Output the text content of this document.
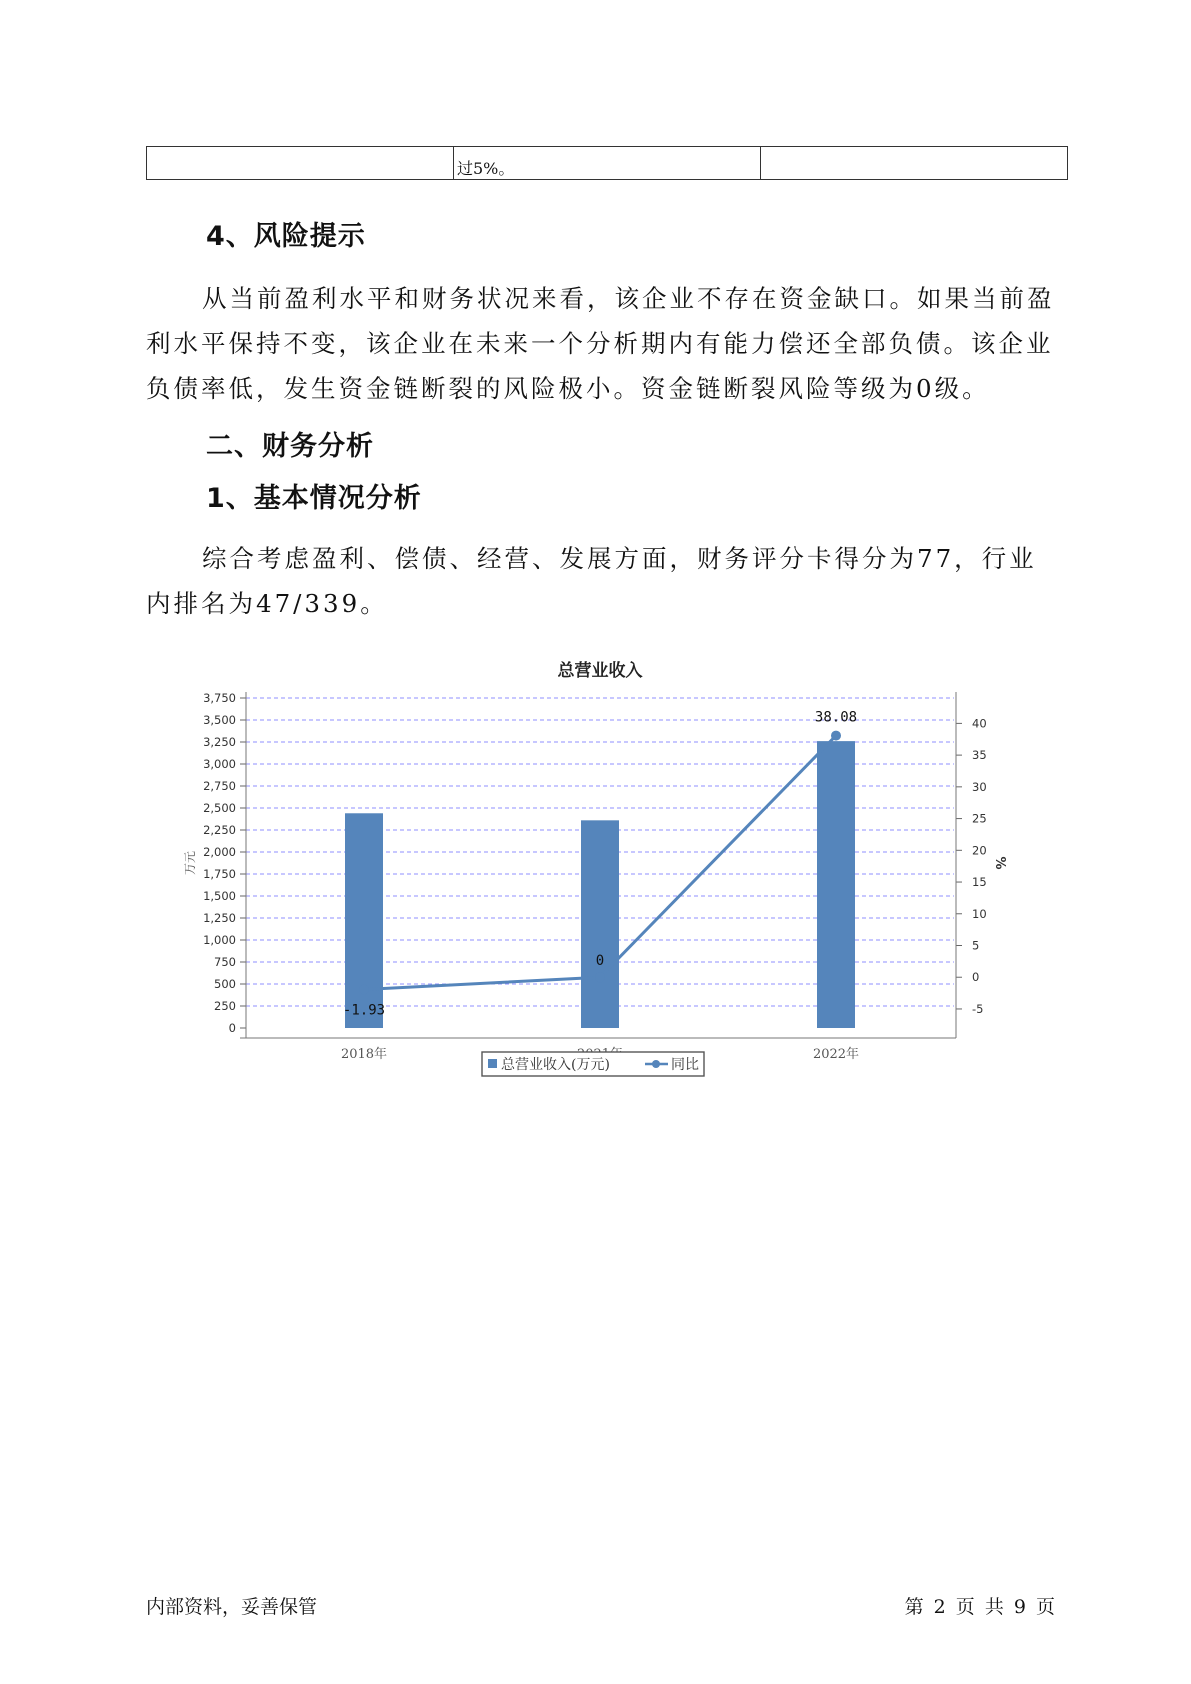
	过5%。	
4、风险提示

从当前盈利水平和财务状况来看，该企业不存在资金缺口。如果当前盈利水平保持不变，该企业在未来一个分析期内有能力偿还全部负债。该企业负债率低，发生资金链断裂的风险极小。资金链断裂风险等级为0级。

二、财务分析
1、基本情况分析

综合考虑盈利、偿债、经营、发展方面，财务评分卡得分为77，行业内排名为47/339。

总营业收入
0
250
500
750
1,000
1,250
1,500
1,750
2,000
2,250
2,500
2,750
3,000
3,250
3,500
3,750
-5
0
5
10
15
20
25
30
35
40
万元	%
2018年	2022年
-1.93
0
38.08
总营业收入(万元)	同比
内部资料，妥善保管	第 2 页 共 9 页
